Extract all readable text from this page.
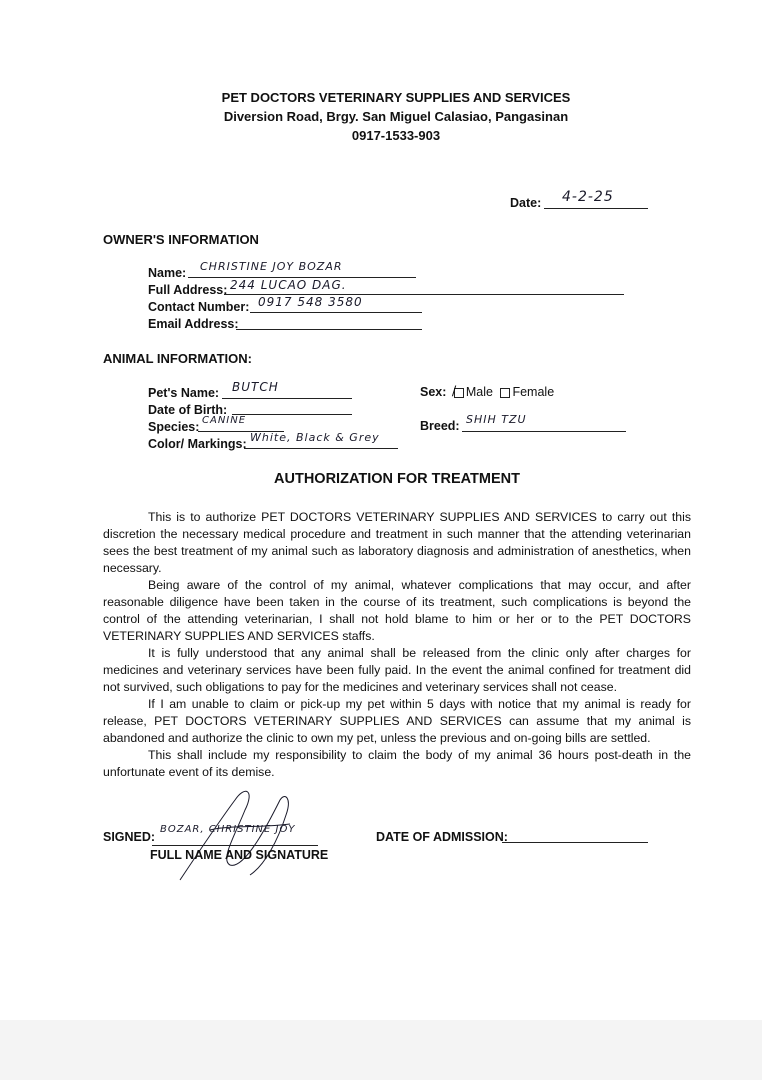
PET DOCTORS VETERINARY SUPPLIES AND SERVICES
Diversion Road, Brgy. San Miguel Calasiao, Pangasinan
0917-1533-903
Date: 4-2-25
OWNER'S INFORMATION
Name: CHRISTINE JOY BOZAR
Full Address: 244 LUCAO DAG.
Contact Number: 0917 548 3580
Email Address:
ANIMAL INFORMATION:
Pet's Name: BUTCH
Date of Birth:
Species: CANINE
Color/ Markings: White, Black & Grey
Sex: ∕ Male Female
Breed: SHIH TZU
AUTHORIZATION FOR TREATMENT

This is to authorize PET DOCTORS VETERINARY SUPPLIES AND SERVICES to carry out this discretion the necessary medical procedure and treatment in such manner that the attending veterinarian sees the best treatment of my animal such as laboratory diagnosis and administration of anesthetics, when necessary.

Being aware of the control of my animal, whatever complications that may occur, and after reasonable diligence have been taken in the course of its treatment, such complications is beyond the control of the attending veterinarian, I shall not hold blame to him or her or to the PET DOCTORS VETERINARY SUPPLIES AND SERVICES staffs.

It is fully understood that any animal shall be released from the clinic only after charges for medicines and veterinary services have been fully paid. In the event the animal confined for treatment did not survived, such obligations to pay for the medicines and veterinary services shall not cease.

If I am unable to claim or pick-up my pet within 5 days with notice that my animal is ready for release, PET DOCTORS VETERINARY SUPPLIES AND SERVICES can assume that my animal is abandoned and authorize the clinic to own my pet, unless the previous and on-going bills are settled.

This shall include my responsibility to claim the body of my animal 36 hours post-death in the unfortunate event of its demise.

SIGNED:
BOZAR, CHRISTINE JOY
FULL NAME AND SIGNATURE
DATE OF ADMISSION:
